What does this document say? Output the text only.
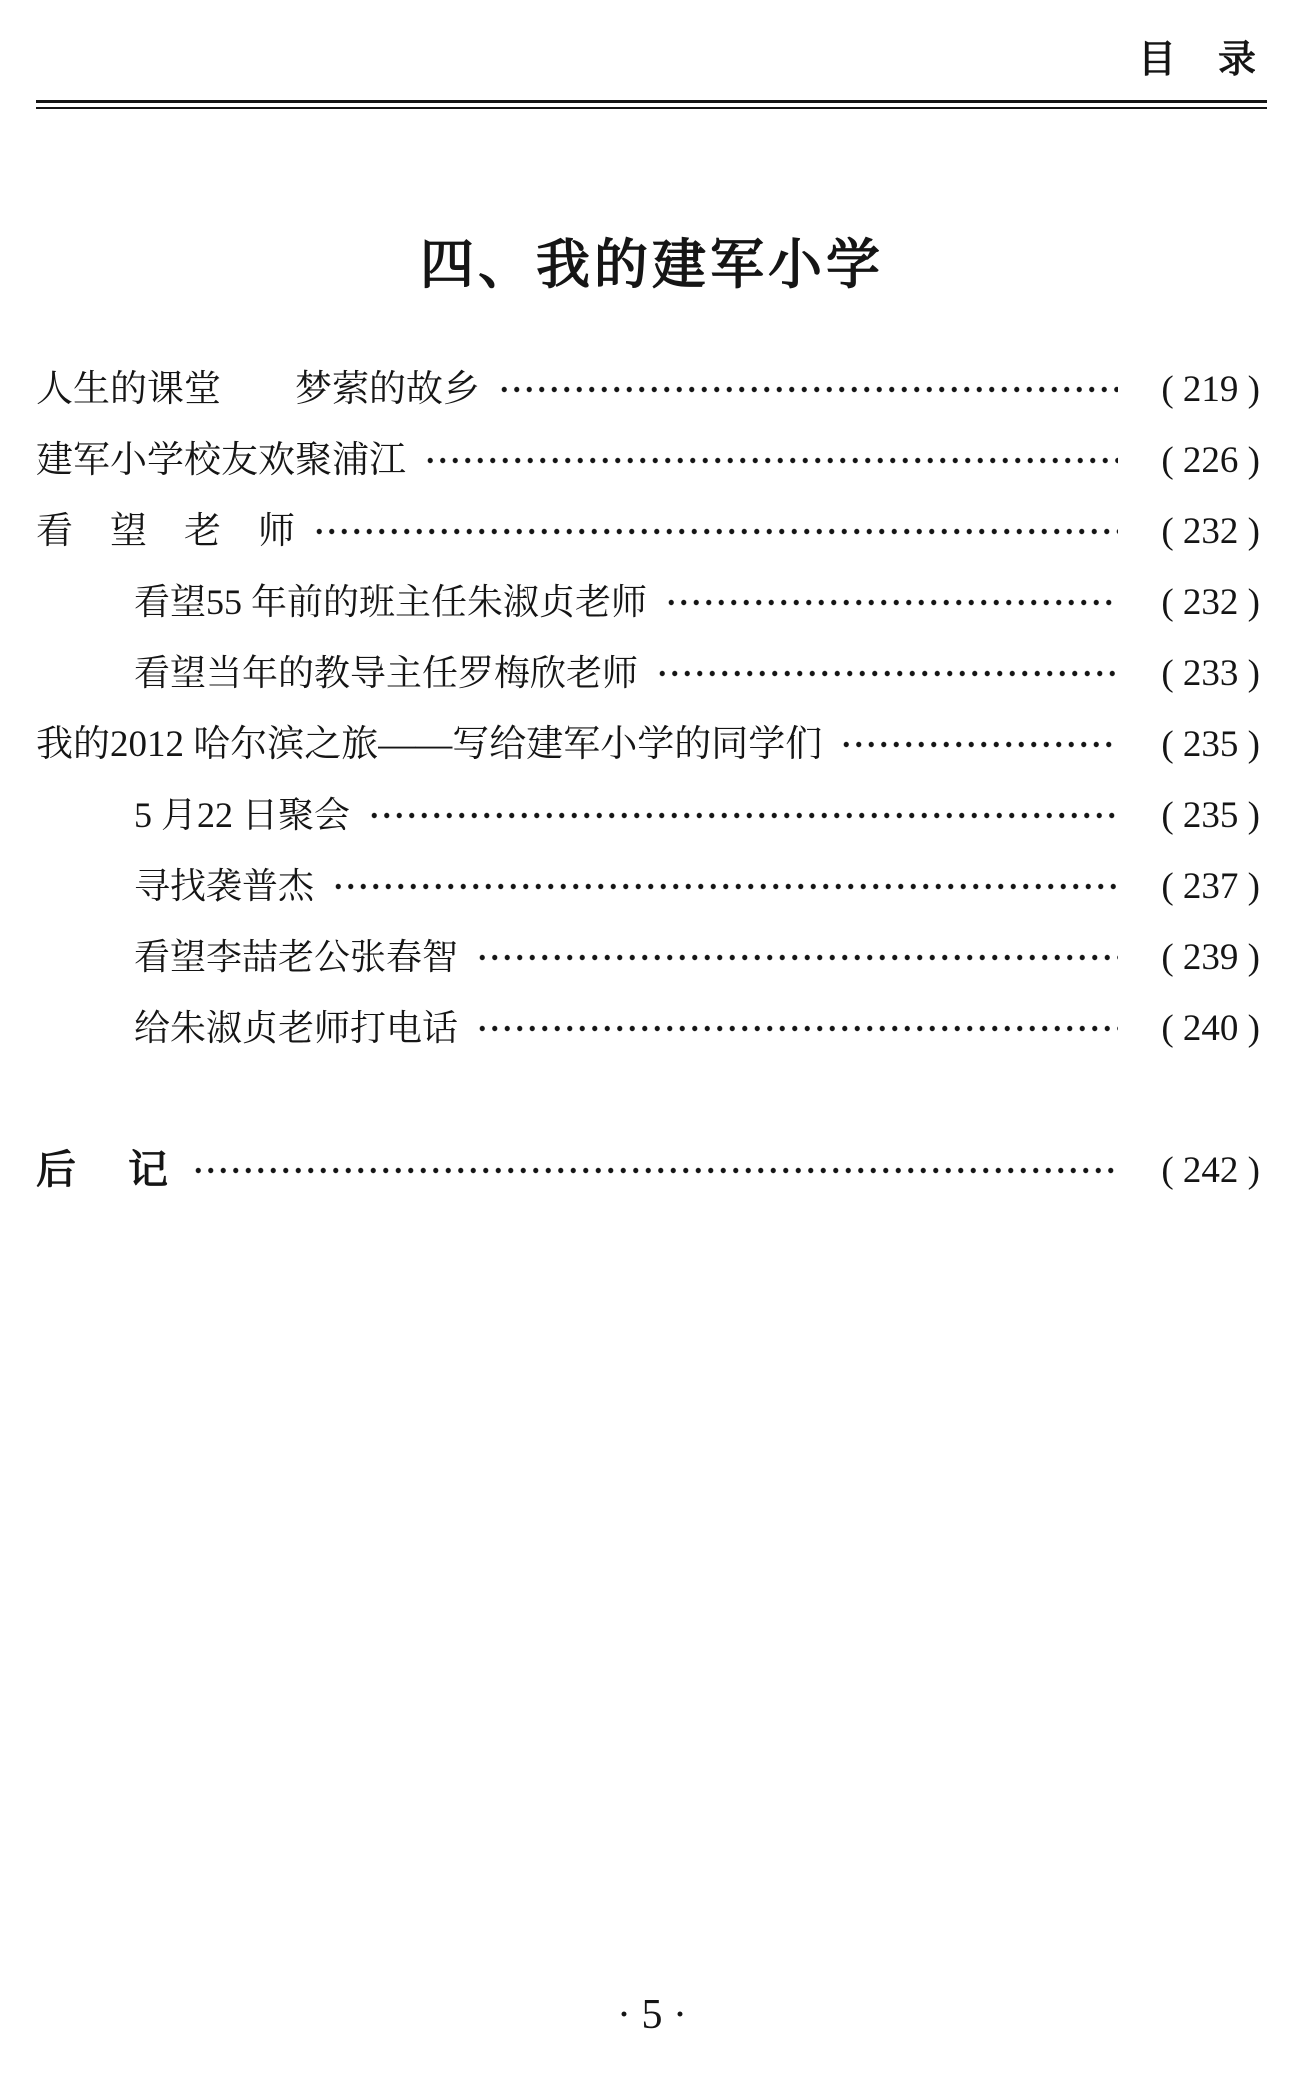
目　录
四、我的建军小学
人生的课堂　　梦萦的故乡	( 219 )
建军小学校友欢聚浦江	( 226 )
看　望　老　师	( 232 )
看望55 年前的班主任朱淑贞老师	( 232 )
看望当年的教导主任罗梅欣老师	( 233 )
我的2012 哈尔滨之旅——写给建军小学的同学们	( 235 )
5 月22 日聚会	( 235 )
寻找袭普杰	( 237 )
看望李喆老公张春智	( 239 )
给朱淑贞老师打电话	( 240 )
后　记	( 242 )
· 5 ·
